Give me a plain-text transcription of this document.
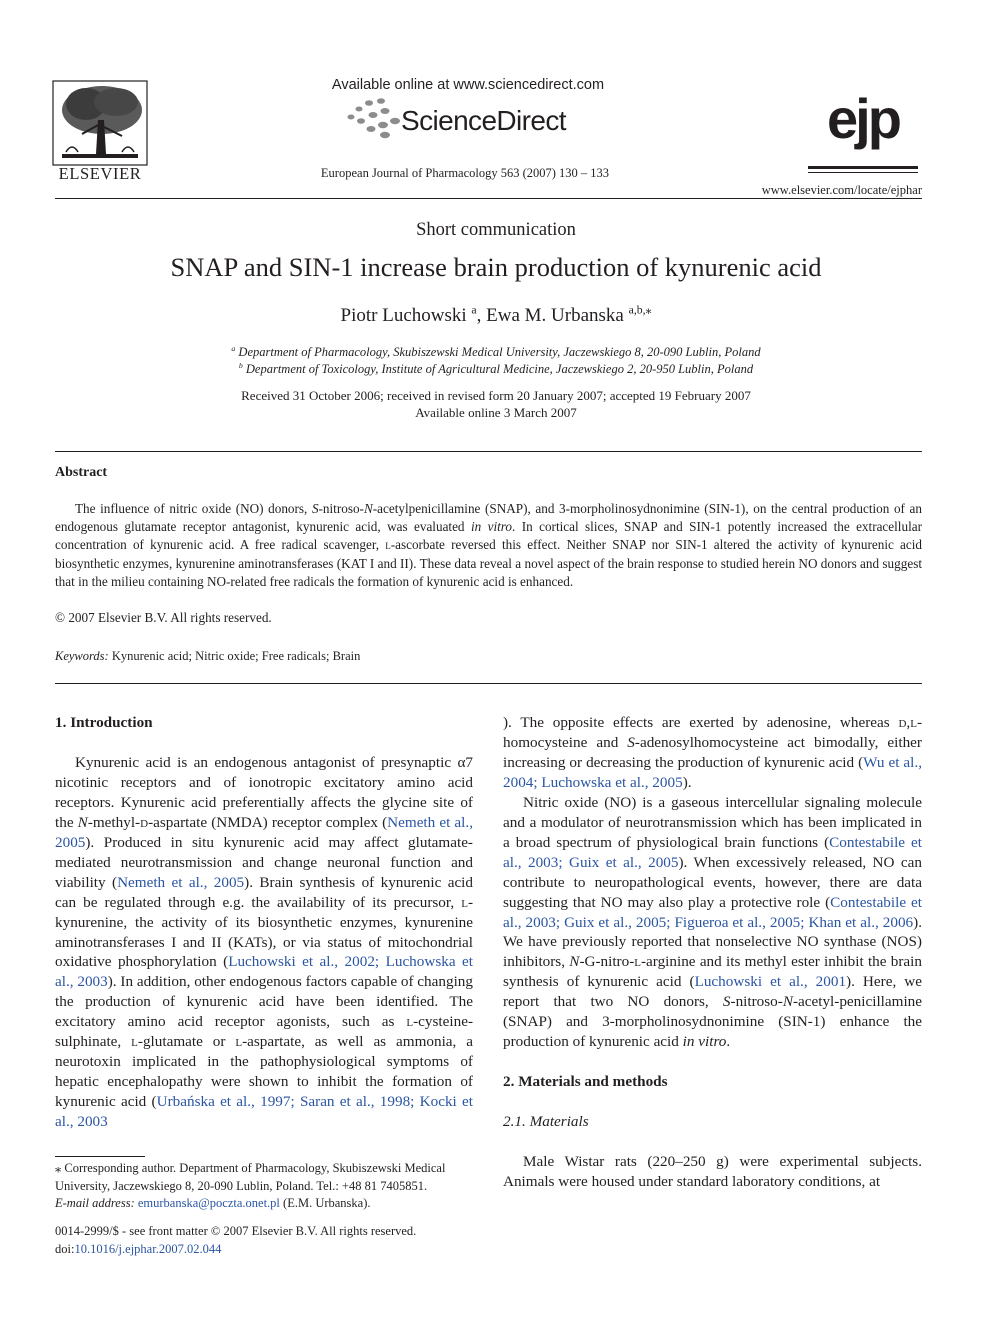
ELSEVIER
Available online at www.sciencedirect.com
ScienceDirect
European Journal of Pharmacology 563 (2007) 130 – 133
ejp
www.elsevier.com/locate/ejphar
Short communication
SNAP and SIN-1 increase brain production of kynurenic acid
Piotr Luchowski $^a$, Ewa M. Urbanska $^{a,b,⁎}$
$^a$ Department of Pharmacology, Skubiszewski Medical University, Jaczewskiego 8, 20-090 Lublin, Poland
$^b$ Department of Toxicology, Institute of Agricultural Medicine, Jaczewskiego 2, 20-950 Lublin, Poland
Received 31 October 2006; received in revised form 20 January 2007; accepted 19 February 2007
Available online 3 March 2007
Abstract
The influence of nitric oxide (NO) donors, S-nitroso-N-acetylpenicillamine (SNAP), and 3-morpholinosydnonimine (SIN-1), on the central production of an endogenous glutamate receptor antagonist, kynurenic acid, was evaluated in vitro. In cortical slices, SNAP and SIN-1 potently increased the extracellular concentration of kynurenic acid. A free radical scavenger, l-ascorbate reversed this effect. Neither SNAP nor SIN-1 altered the activity of kynurenic acid biosynthetic enzymes, kynurenine aminotransferases (KAT I and II). These data reveal a novel aspect of the brain response to studied herein NO donors and suggest that in the milieu containing NO-related free radicals the formation of kynurenic acid is enhanced.
© 2007 Elsevier B.V. All rights reserved.
Keywords: Kynurenic acid; Nitric oxide; Free radicals; Brain

1. Introduction

Kynurenic acid is an endogenous antagonist of presynaptic α7 nicotinic receptors and of ionotropic excitatory amino acid receptors. Kynurenic acid preferentially affects the glycine site of the N-methyl-d-aspartate (NMDA) receptor complex (Nemeth et al., 2005). Produced in situ kynurenic acid may affect glutamate-mediated neurotransmission and change neuronal function and viability (Nemeth et al., 2005). Brain synthesis of kynurenic acid can be regulated through e.g. the availability of its precursor, l-kynurenine, the activity of its biosynthetic enzymes, kynurenine aminotransferases I and II (KATs), or via status of mitochondrial oxidative phosphorylation (Luchowski et al., 2002; Luchowska et al., 2003). In addition, other endogenous factors capable of changing the production of kynurenic acid have been identified. The excitatory amino acid receptor agonists, such as l-cysteine-sulphinate, l-glutamate or l-aspartate, as well as ammonia, a neurotoxin implicated in the pathophysiological symptoms of hepatic encephalopathy were shown to inhibit the formation of kynurenic acid (Urbańska et al., 1997; Saran et al., 1998; Kocki et al., 2003

⁎ Corresponding author. Department of Pharmacology, Skubiszewski Medical University, Jaczewskiego 8, 20-090 Lublin, Poland. Tel.: +48 81 7405851.
E-mail address: emurbanska@poczta.onet.pl (E.M. Urbanska).
0014-2999/$ - see front matter © 2007 Elsevier B.V. All rights reserved.
doi:10.1016/j.ejphar.2007.02.044

). The opposite effects are exerted by adenosine, whereas d,l-homocysteine and S-adenosylhomocysteine act bimodally, either increasing or decreasing the production of kynurenic acid (Wu et al., 2004; Luchowska et al., 2005).

Nitric oxide (NO) is a gaseous intercellular signaling molecule and a modulator of neurotransmission which has been implicated in a broad spectrum of physiological brain functions (Contestabile et al., 2003; Guix et al., 2005). When excessively released, NO can contribute to neuropathological events, however, there are data suggesting that NO may also play a protective role (Contestabile et al., 2003; Guix et al., 2005; Figueroa et al., 2005; Khan et al., 2006). We have previously reported that nonselective NO synthase (NOS) inhibitors, N-G-nitro-l-arginine and its methyl ester inhibit the brain synthesis of kynurenic acid (Luchowski et al., 2001). Here, we report that two NO donors, S-nitroso-N-acetyl-penicillamine (SNAP) and 3-morpholinosydnonimine (SIN-1) enhance the production of kynurenic acid in vitro.

2. Materials and methods

2.1. Materials

Male Wistar rats (220–250 g) were experimental subjects. Animals were housed under standard laboratory conditions, at
